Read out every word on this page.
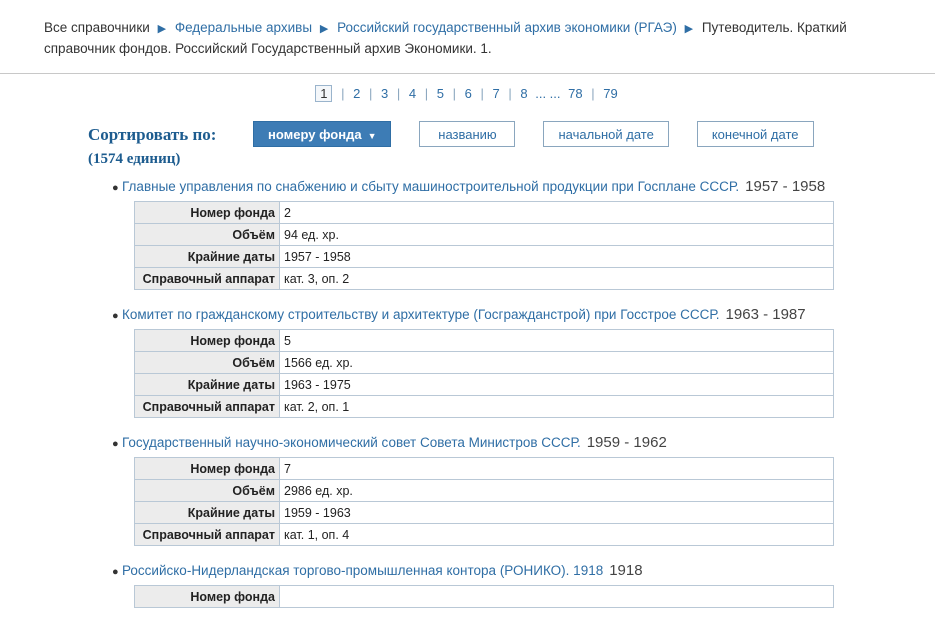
Все справочники ▶ Федеральные архивы ▶ Российский государственный архив экономики (РГАЭ) ▶ Путеводитель. Краткий справочник фондов. Российский Государственный архив Экономики. 1.
1 | 2 | 3 | 4 | 5 | 6 | 7 | 8 ... ... 78 | 79
Сортировать по:
(1574 единиц)
номеру фонда ▼	названию	начальной дате	конечной дате
● Главные управления по снабжению и сбыту машиностроительной продукции при Госплане СССР. 1957 - 1958
Номер фонда	2
Объём	94 ед. хр.
Крайние даты	1957 - 1958
Справочный аппарат	кат. 3, оп. 2
● Комитет по гражданскому строительству и архитектуре (Госгражданстрой) при Госстрое СССР. 1963 - 1987
Номер фонда	5
Объём	1566 ед. хр.
Крайние даты	1963 - 1975
Справочный аппарат	кат. 2, оп. 1
● Государственный научно-экономический совет Совета Министров СССР. 1959 - 1962
Номер фонда	7
Объём	2986 ед. хр.
Крайние даты	1959 - 1963
Справочный аппарат	кат. 1, оп. 4
● Российско-Нидерландская торгово-промышленная контора (РОНИКО). 1918 1918
Номер фонда	
